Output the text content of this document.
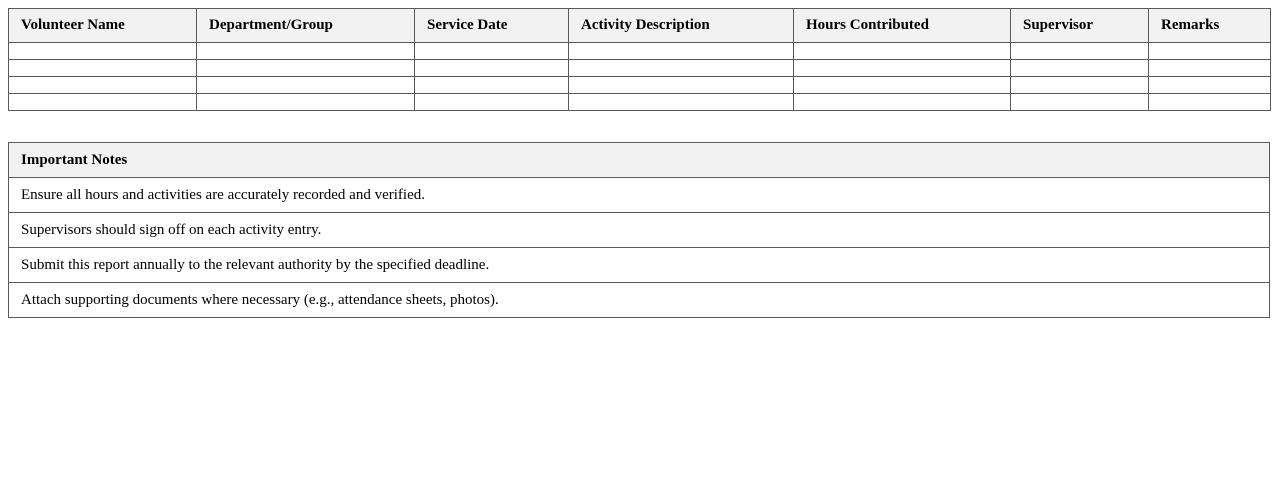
Volunteer Name	Department/Group	Service Date	Activity Description	Hours Contributed	Supervisor	Remarks

Important Notes
Ensure all hours and activities are accurately recorded and verified.
Supervisors should sign off on each activity entry.
Submit this report annually to the relevant authority by the specified deadline.
Attach supporting documents where necessary (e.g., attendance sheets, photos).
